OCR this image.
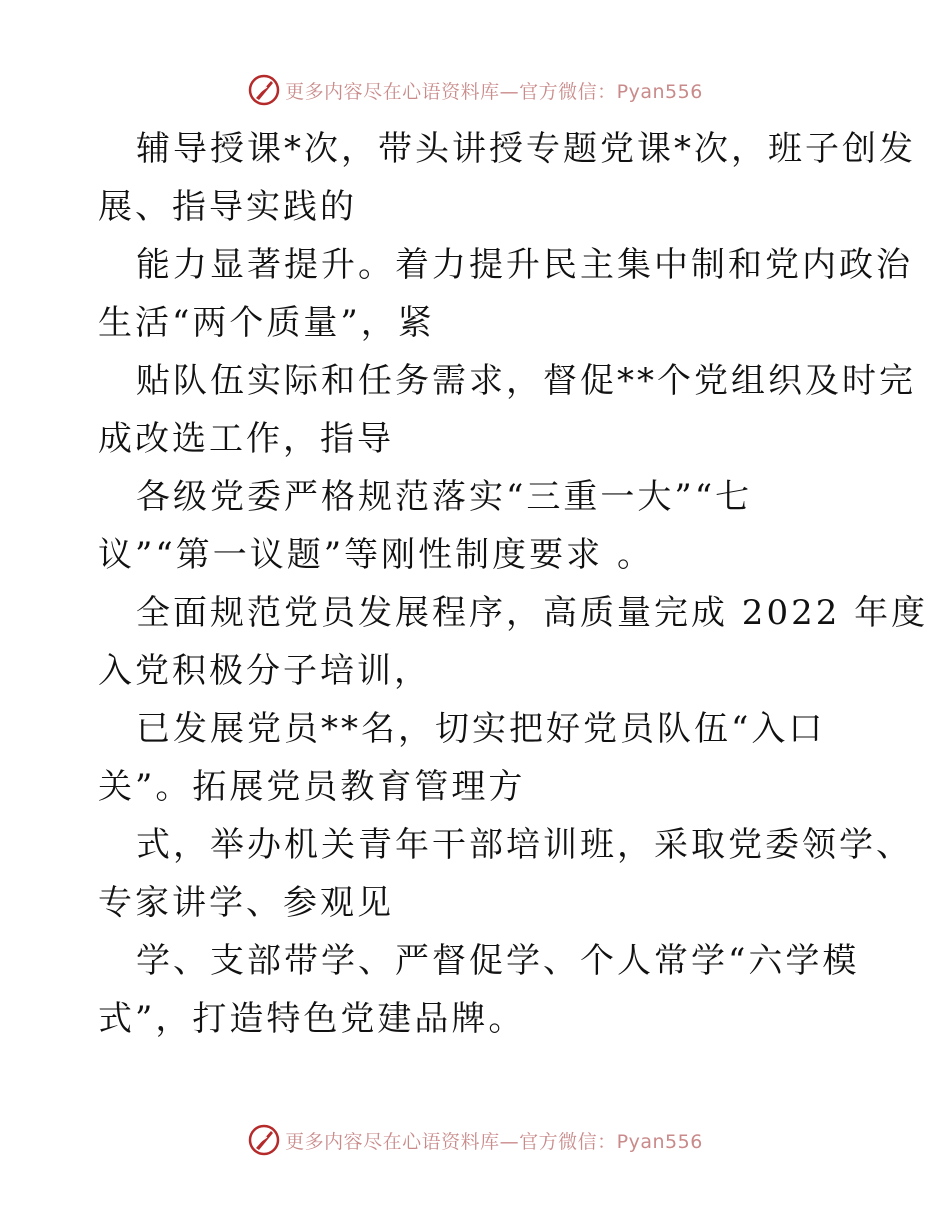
更多内容尽在心语资料库—官方微信：Pyan556
辅导授课*次，带头讲授专题党课*次，班子创发
展、指导实践的
能力显著提升。着力提升民主集中制和党内政治
生活“两个质量”，紧
贴队伍实际和任务需求，督促**个党组织及时完
成改选工作，指导
各级党委严格规范落实“三重一大”“七
议”“第一议题”等刚性制度要求 。
全面规范党员发展程序，高质量完成 2022 年度
入党积极分子培训，
已发展党员**名，切实把好党员队伍“入口
关”。拓展党员教育管理方
式，举办机关青年干部培训班，采取党委领学、
专家讲学、参观见
学、支部带学、严督促学、个人常学“六学模
式”，打造特色党建品牌。
更多内容尽在心语资料库—官方微信：Pyan556
